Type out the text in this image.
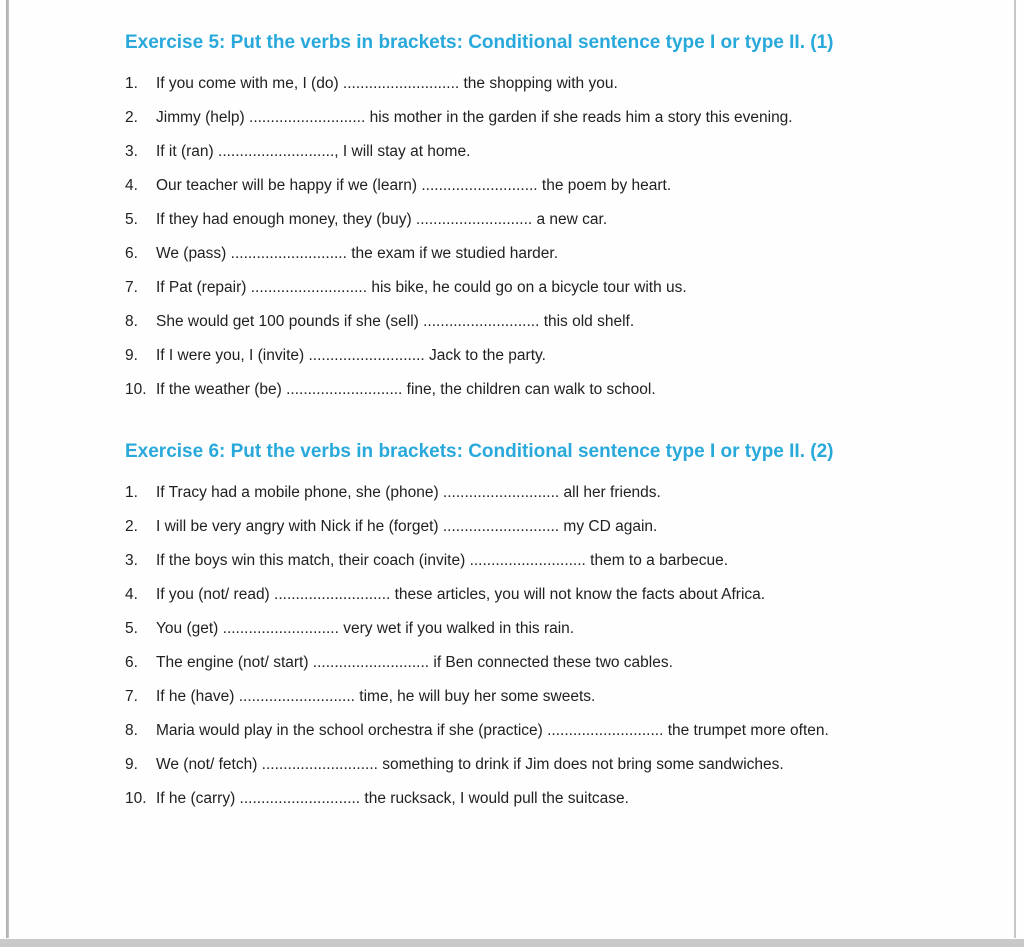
Exercise 5: Put the verbs in brackets: Conditional sentence type I or type II. (1)
1.	If you come with me, I (do) ........................... the shopping with you.
2.	Jimmy (help) ........................... his mother in the garden if she reads him a story this evening.
3.	If it (ran) ..........................., I will stay at home.
4.	Our teacher will be happy if we (learn) ........................... the poem by heart.
5.	If they had enough money, they (buy) ........................... a new car.
6.	We (pass) ........................... the exam if we studied harder.
7.	If Pat (repair) ........................... his bike, he could go on a bicycle tour with us.
8.	She would get 100 pounds if she (sell) ........................... this old shelf.
9.	If I were you, I (invite) ........................... Jack to the party.
10. If the weather (be) ........................... fine, the children can walk to school.
Exercise 6: Put the verbs in brackets: Conditional sentence type I or type II. (2)
1.	If Tracy had a mobile phone, she (phone) ........................... all her friends.
2.	I will be very angry with Nick if he (forget) ........................... my CD again.
3.	If the boys win this match, their coach (invite) ........................... them to a barbecue.
4.	If you (not/ read) ........................... these articles, you will not know the facts about Africa.
5.	You (get) ........................... very wet if you walked in this rain.
6.	The engine (not/ start) ........................... if Ben connected these two cables.
7.	If he (have) ........................... time, he will buy her some sweets.
8.	Maria would play in the school orchestra if she (practice) ........................... the trumpet more often.
9.	We (not/ fetch) ........................... something to drink if Jim does not bring some sandwiches.
10. If he (carry) ............................ the rucksack, I would pull the suitcase.
